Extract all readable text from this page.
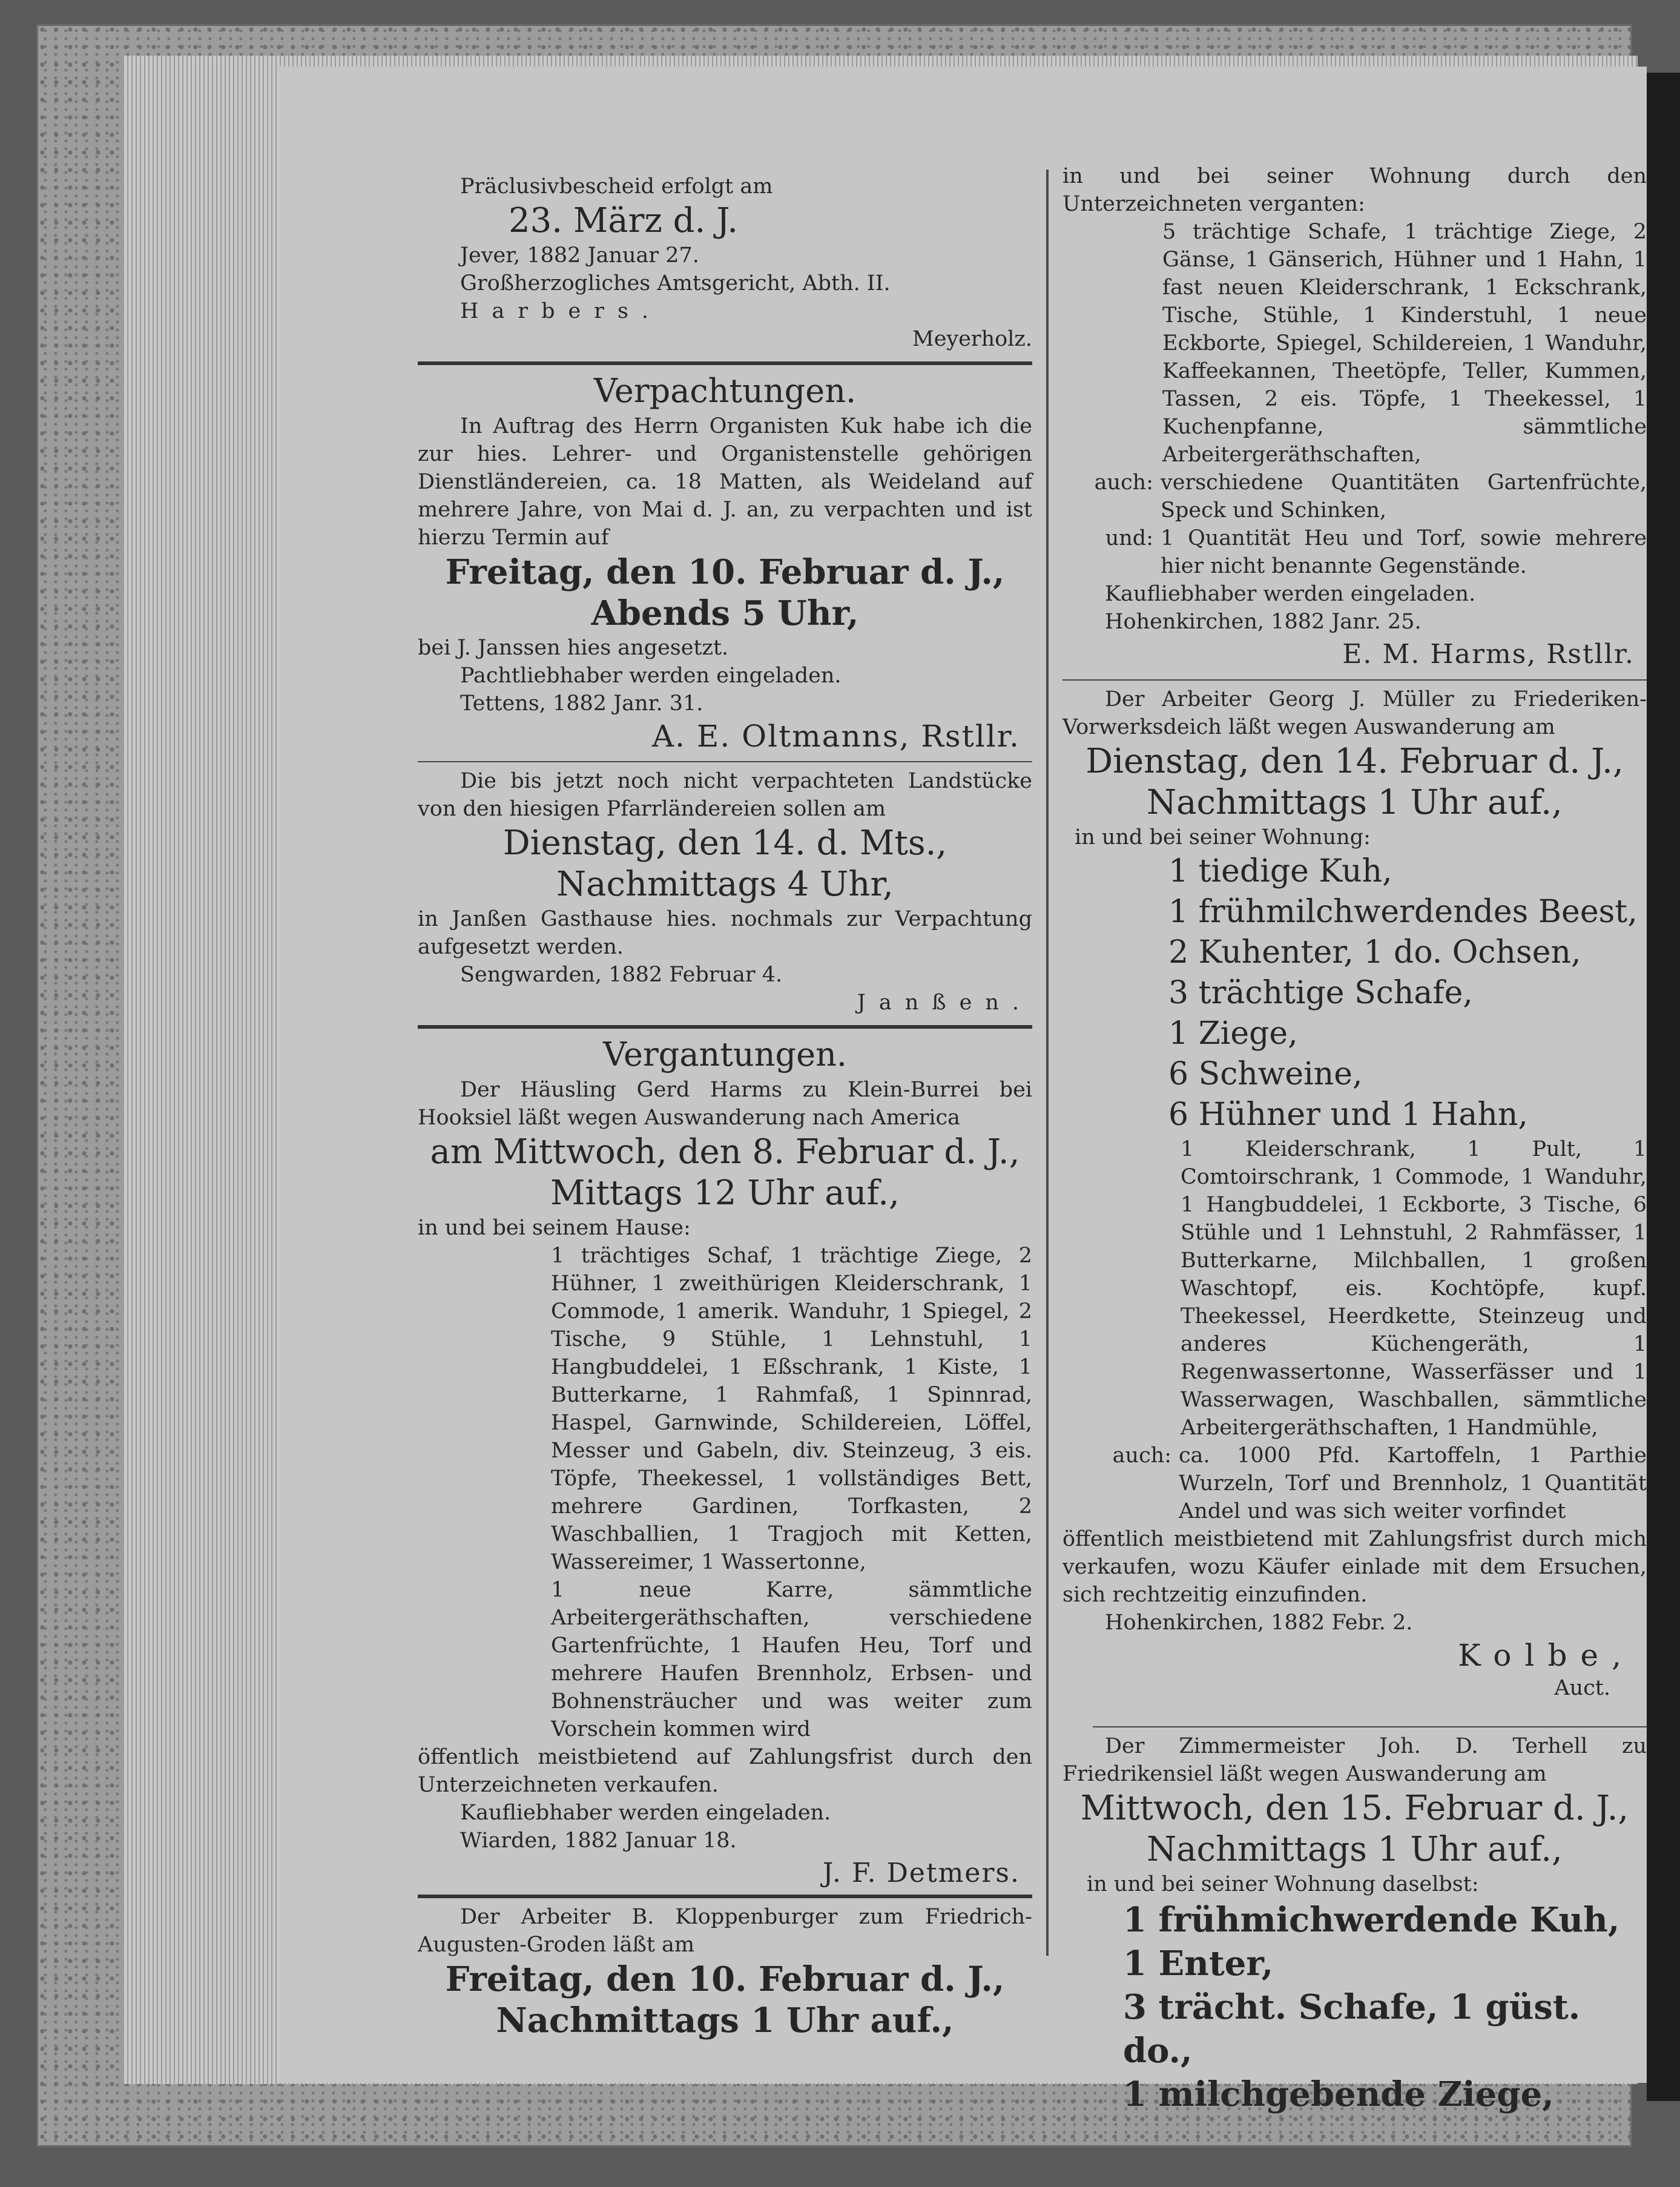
Präclusivbescheid erfolgt am

23. März d. J.

Jever, 1882 Januar 27.

Großherzogliches Amtsgericht, Abth. II.

Harbers.

Meyerholz.

Verpachtungen.

In Auftrag des Herrn Organisten Kuk habe ich die zur hies. Lehrer- und Organistenstelle gehörigen Dienstländereien, ca. 18 Matten, als Weideland auf mehrere Jahre, von Mai d. J. an, zu verpachten und ist hierzu Termin auf

Freitag, den 10. Februar d. J.,

Abends 5 Uhr,

bei J. Janssen hies angesetzt.

Pachtliebhaber werden eingeladen.

Tettens, 1882 Janr. 31.

A. E. Oltmanns, Rstllr.

Die bis jetzt noch nicht verpachteten Landstücke von den hiesigen Pfarrländereien sollen am

Dienstag, den 14. d. Mts.,

Nachmittags 4 Uhr,

in Janßen Gasthause hies. nochmals zur Verpachtung aufgesetzt werden.

Sengwarden, 1882 Februar 4.

Janßen.

Vergantungen.

Der Häusling Gerd Harms zu Klein-Burrei bei Hooksiel läßt wegen Auswanderung nach America

am Mittwoch, den 8. Februar d. J.,

Mittags 12 Uhr auf.,

in und bei seinem Hause:

1 trächtiges Schaf, 1 trächtige Ziege, 2 Hühner, 1 zweithürigen Kleiderschrank, 1 Commode, 1 amerik. Wanduhr, 1 Spiegel, 2 Tische, 9 Stühle, 1 Lehnstuhl, 1 Hangbuddelei, 1 Eßschrank, 1 Kiste, 1 Butterkarne, 1 Rahmfaß, 1 Spinnrad, Haspel, Garnwinde, Schildereien, Löffel, Messer und Gabeln, div. Steinzeug, 3 eis. Töpfe, Theekessel, 1 vollständiges Bett, mehrere Gardinen, Torfkasten, 2 Waschballien, 1 Tragjoch mit Ketten, Wassereimer, 1 Wassertonne,

1 neue Karre, sämmtliche Arbeitergeräthschaften, verschiedene Gartenfrüchte, 1 Haufen Heu, Torf und mehrere Haufen Brennholz, Erbsen- und Bohnensträucher und was weiter zum Vorschein kommen wird

öffentlich meistbietend auf Zahlungsfrist durch den Unterzeichneten verkaufen.

Kaufliebhaber werden eingeladen.

Wiarden, 1882 Januar 18.

J. F. Detmers.

Der Arbeiter B. Kloppenburger zum Friedrich-Augusten-Groden läßt am

Freitag, den 10. Februar d. J.,

Nachmittags 1 Uhr auf.,

in und bei seiner Wohnung durch den Unterzeichneten verganten:

5 trächtige Schafe, 1 trächtige Ziege, 2 Gänse, 1 Gänserich, Hühner und 1 Hahn, 1 fast neuen Kleiderschrank, 1 Eckschrank, Tische, Stühle, 1 Kinderstuhl, 1 neue Eckborte, Spiegel, Schildereien, 1 Wanduhr, Kaffeekannen, Theetöpfe, Teller, Kummen, Tassen, 2 eis. Töpfe, 1 Theekessel, 1 Kuchenpfanne, sämmtliche Arbeitergeräthschaften,

auch: verschiedene Quantitäten Gartenfrüchte, Speck und Schinken,
und: 1 Quantität Heu und Torf, sowie mehrere hier nicht benannte Gegenstände.

Kaufliebhaber werden eingeladen.

Hohenkirchen, 1882 Janr. 25.

E. M. Harms, Rstllr.

Der Arbeiter Georg J. Müller zu Friederiken-Vorwerksdeich läßt wegen Auswanderung am

Dienstag, den 14. Februar d. J.,

Nachmittags 1 Uhr auf.,

in und bei seiner Wohnung:

1 tiedige Kuh,

1 frühmilchwerdendes Beest,

2 Kuhenter, 1 do. Ochsen,

3 trächtige Schafe,

1 Ziege,

6 Schweine,

6 Hühner und 1 Hahn,

1 Kleiderschrank, 1 Pult, 1 Comtoirschrank, 1 Commode, 1 Wanduhr, 1 Hangbuddelei, 1 Eckborte, 3 Tische, 6 Stühle und 1 Lehnstuhl, 2 Rahmfässer, 1 Butterkarne, Milchballen, 1 großen Waschtopf, eis. Kochtöpfe, kupf. Theekessel, Heerdkette, Steinzeug und anderes Küchengeräth, 1 Regenwassertonne, Wasserfässer und 1 Wasserwagen, Waschballen, sämmtliche Arbeitergeräthschaften, 1 Handmühle,

auch: ca. 1000 Pfd. Kartoffeln, 1 Parthie Wurzeln, Torf und Brennholz, 1 Quantität Andel und was sich weiter vorfindet

öffentlich meistbietend mit Zahlungsfrist durch mich verkaufen, wozu Käufer einlade mit dem Ersuchen, sich rechtzeitig einzufinden.

Hohenkirchen, 1882 Febr. 2.

Kolbe,

Auct.

Der Zimmermeister Joh. D. Terhell zu Friedrikensiel läßt wegen Auswanderung am

Mittwoch, den 15. Februar d. J.,

Nachmittags 1 Uhr auf.,

in und bei seiner Wohnung daselbst:

1 frühmichwerdende Kuh,

1 Enter,

3 trächt. Schafe, 1 güst. do.,

1 milchgebende Ziege,
